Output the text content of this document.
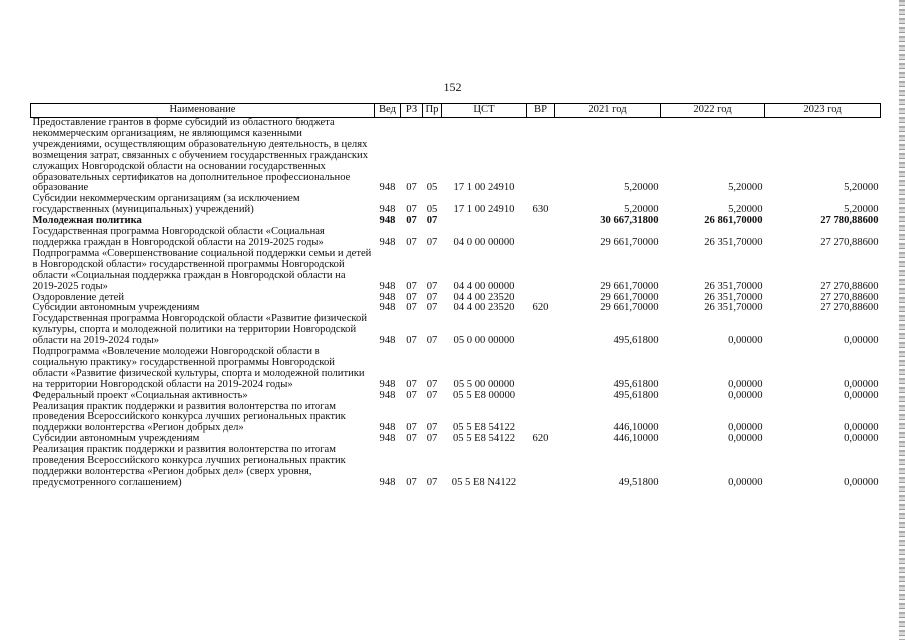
152
Наименование	Вед	РЗ	Пр	ЦСТ	ВР	2021 год	2022 год	2023 год
Предоставление грантов в форме субсидий из областного бюджета некоммерческим организациям, не являющимся казенными учреждениями, осуществляющим образовательную деятельность, в целях возмещения затрат, связанных с обучением государственных гражданских служащих Новгородской области на основании государственных образовательных сертификатов на дополнительное профессиональное образование	948	07	05	17 1 00 24910		5,20000	5,20000	5,20000
Субсидии некоммерческим организациям (за исключением государственных (муниципальных) учреждений)	948	07	05	17 1 00 24910	630	5,20000	5,20000	5,20000
Молодежная политика	948	07	07			30 667,31800	26 861,70000	27 780,88600
Государственная программа Новгородской области «Социальная поддержка граждан в Новгородской области на 2019-2025 годы»	948	07	07	04 0 00 00000		29 661,70000	26 351,70000	27 270,88600
Подпрограмма «Совершенствование социальной поддержки семьи и детей в Новгородской области» государственной программы Новгородской области «Социальная поддержка граждан в Новгородской области на 2019-2025 годы»	948	07	07	04 4 00 00000		29 661,70000	26 351,70000	27 270,88600
Оздоровление детей	948	07	07	04 4 00 23520		29 661,70000	26 351,70000	27 270,88600
Субсидии автономным учреждениям	948	07	07	04 4 00 23520	620	29 661,70000	26 351,70000	27 270,88600
Государственная программа Новгородской области «Развитие физической культуры, спорта и молодежной политики на территории Новгородской области на 2019-2024 годы»	948	07	07	05 0 00 00000		495,61800	0,00000	0,00000
Подпрограмма «Вовлечение молодежи Новгородской области в социальную практику» государственной программы Новгородской области «Развитие физической культуры, спорта и молодежной политики на территории Новгородской области на 2019-2024 годы»	948	07	07	05 5 00 00000		495,61800	0,00000	0,00000
Федеральный проект «Социальная активность»	948	07	07	05 5 E8 00000		495,61800	0,00000	0,00000
Реализация практик поддержки и развития волонтерства по итогам проведения Всероссийского конкурса лучших региональных практик поддержки волонтерства «Регион добрых дел»	948	07	07	05 5 E8 54122		446,10000	0,00000	0,00000
Субсидии автономным учреждениям	948	07	07	05 5 E8 54122	620	446,10000	0,00000	0,00000
Реализация практик поддержки и развития волонтерства по итогам проведения Всероссийского конкурса лучших региональных практик поддержки волонтерства «Регион добрых дел» (сверх уровня, предусмотренного соглашением)	948	07	07	05 5 E8 N4122		49,51800	0,00000	0,00000
